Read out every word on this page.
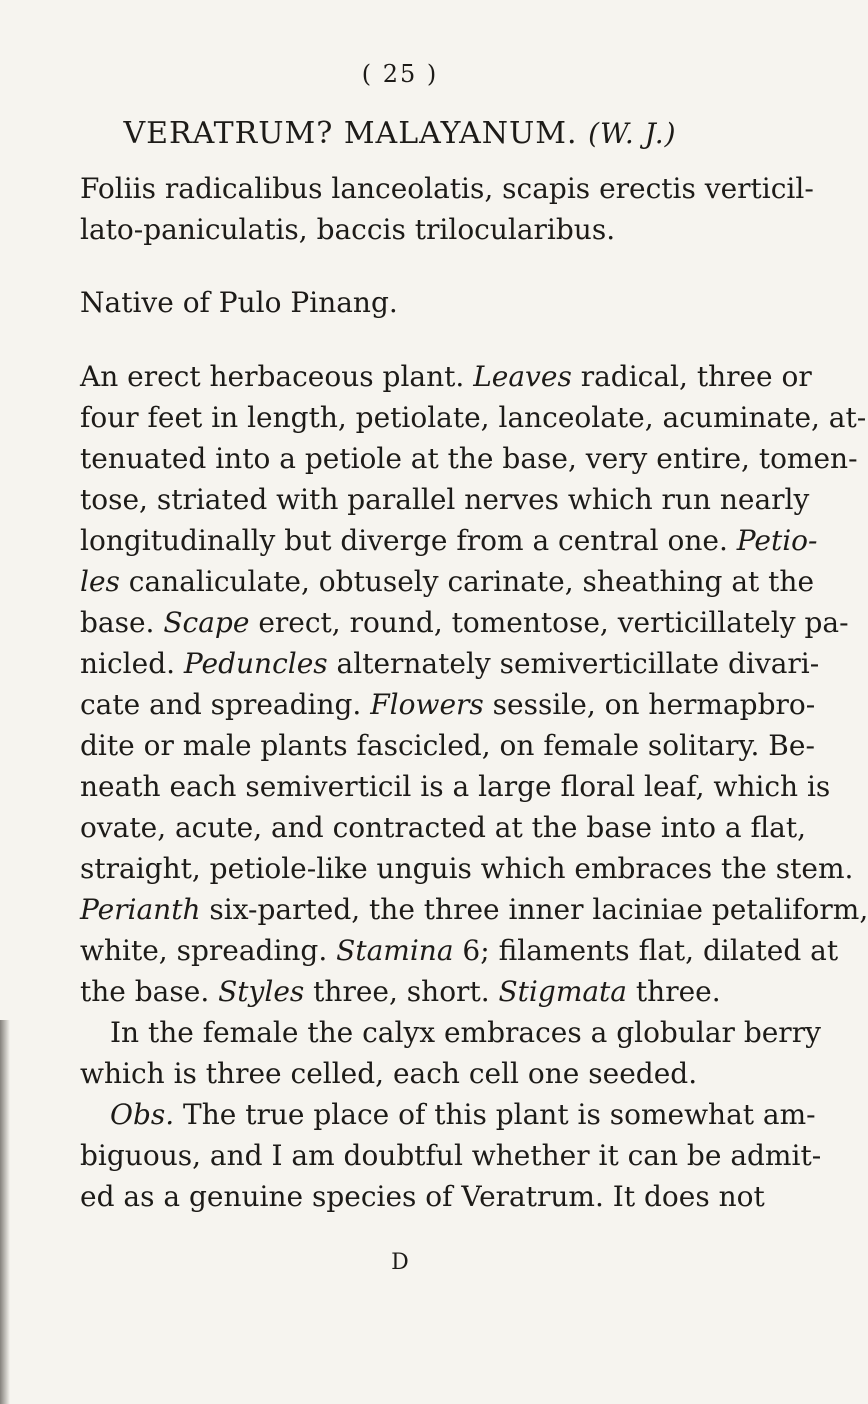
( 25 )
VERATRUM? MALAYANUM. (W. J.)
Foliis radicalibus lanceolatis, scapis erectis verticil-
lato-paniculatis, baccis trilocularibus.
Native of Pulo Pinang.
An erect herbaceous plant. Leaves radical, three or
four feet in length, petiolate, lanceolate, acuminate, at-
tenuated into a petiole at the base, very entire, tomen-
tose, striated with parallel nerves which run nearly
longitudinally but diverge from a central one. Petio-
les canaliculate, obtusely carinate, sheathing at the
base. Scape erect, round, tomentose, verticillately pa-
nicled. Peduncles alternately semiverticillate divari-
cate and spreading. Flowers sessile, on hermapbro-
dite or male plants fascicled, on female solitary. Be-
neath each semiverticil is a large floral leaf, which is
ovate, acute, and contracted at the base into a flat,
straight, petiole-like unguis which embraces the stem.
Perianth six-parted, the three inner laciniae petaliform,
white, spreading. Stamina 6; filaments flat, dilated at
the base. Styles three, short. Stigmata three.
In the female the calyx embraces a globular berry
which is three celled, each cell one seeded.
Obs. The true place of this plant is somewhat am-
biguous, and I am doubtful whether it can be admit-
ed as a genuine species of Veratrum. It does not
D
